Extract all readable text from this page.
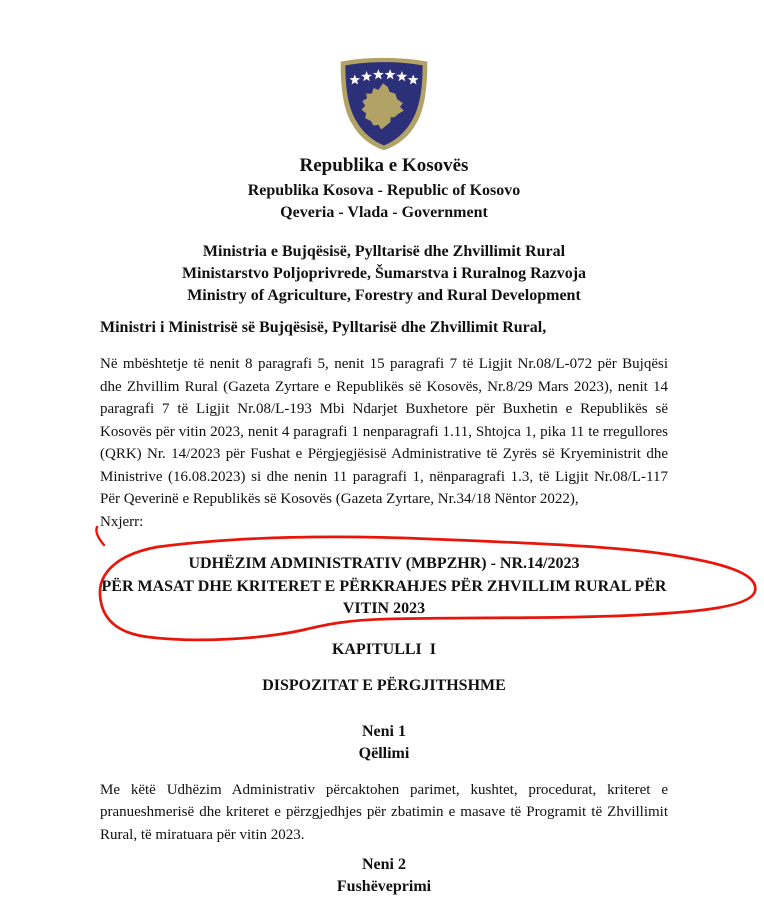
Republika e Kosovës
Republika Kosova - Republic of Kosovo
Qeveria - Vlada - Government
Ministria e Bujqësisë, Pylltarisë dhe Zhvillimit Rural
Ministarstvo Poljoprivrede, Šumarstva i Ruralnog Razvoja
Ministry of Agriculture, Forestry and Rural Development
Ministri i Ministrisë së Bujqësisë, Pylltarisë dhe Zhvillimit Rural,

Në mbështetje të nenit 8 paragrafi 5, nenit 15 paragrafi 7 të Ligjit Nr.08/L-072 për Bujqësi dhe Zhvillim Rural (Gazeta Zyrtare e Republikës së Kosovës, Nr.8/29 Mars 2023), nenit 14 paragrafi 7 të Ligjit Nr.08/L-193 Mbi Ndarjet Buxhetore për Buxhetin e Republikës së Kosovës për vitin 2023, nenit 4 paragrafi 1 nenparagrafi 1.11, Shtojca 1, pika 11 te rregullores (QRK) Nr. 14/2023 për Fushat e Përgjegjësisë Administrative të Zyrës së Kryeministrit dhe Ministrive (16.08.2023) si dhe nenin 11 paragrafi 1, nënparagrafi 1.3, të Ligjit Nr.08/L-117 Për Qeverinë e Republikës së Kosovës (Gazeta Zyrtare, Nr.34/18 Nëntor 2022),

Nxjerr:

UDHËZIM ADMINISTRATIV (MBPZHR) - NR.14/2023
PËR MASAT DHE KRITERET E PËRKRAHJES PËR ZHVILLIM RURAL PËR
VITIN 2023
KAPITULLI  I
DISPOZITAT E PËRGJITHSHME
Neni 1
Qëllimi

Me këtë Udhëzim Administrativ përcaktohen parimet, kushtet, procedurat, kriteret e pranueshmerisë dhe kriteret e përzgjedhjes për zbatimin e masave të Programit të Zhvillimit Rural, të miratuara për vitin 2023.

Neni 2
Fushëveprimi
